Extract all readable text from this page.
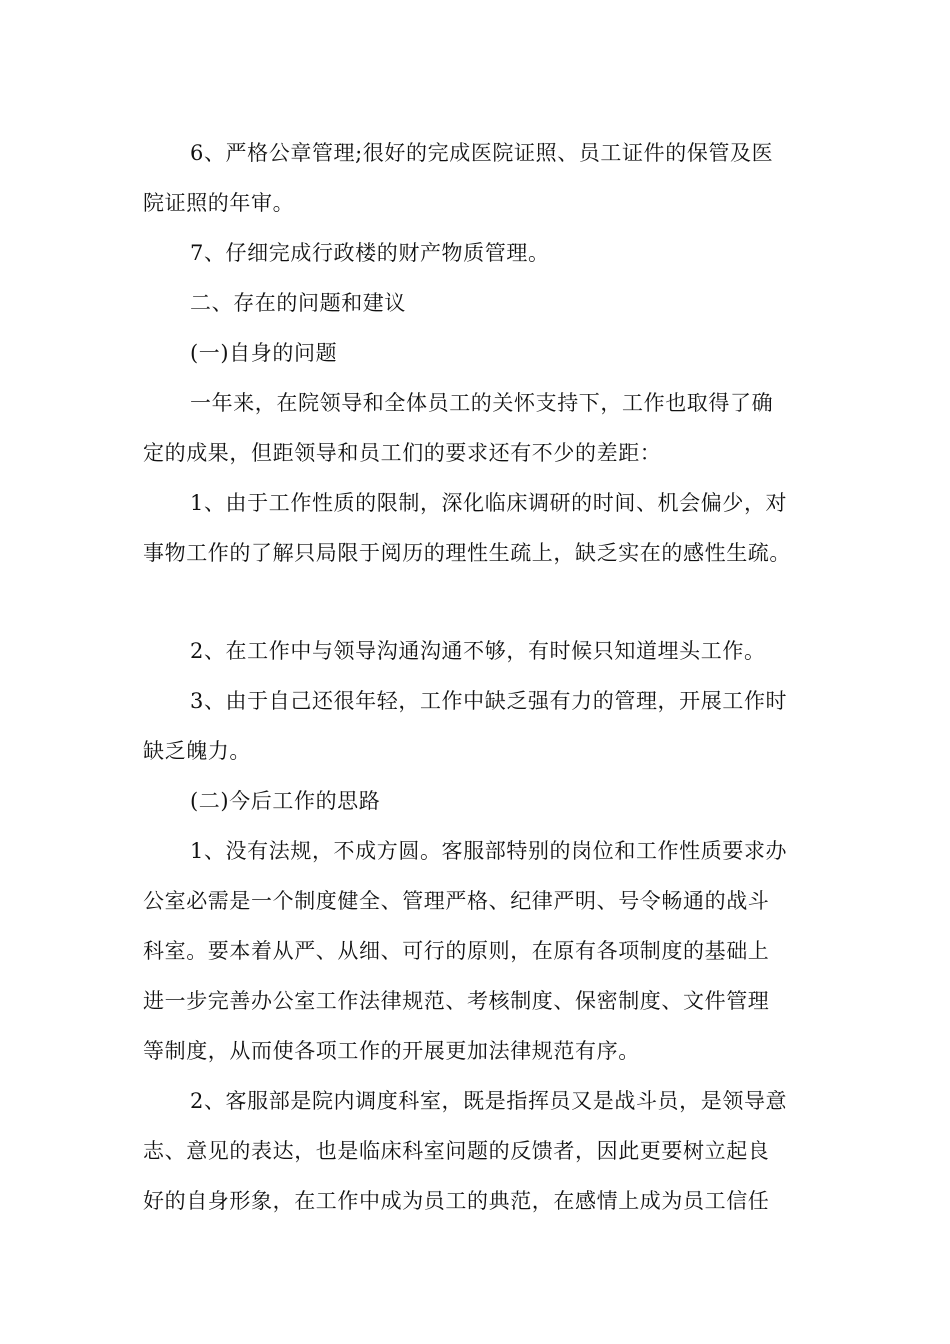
6、严格公章管理;很好的完成医院证照、员工证件的保管及医

院证照的年审。

7、仔细完成行政楼的财产物质管理。

二、存在的问题和建议

(一)自身的问题

一年来，在院领导和全体员工的关怀支持下，工作也取得了确

定的成果，但距领导和员工们的要求还有不少的差距：

1、由于工作性质的限制，深化临床调研的时间、机会偏少，对

事物工作的了解只局限于阅历的理性生疏上，缺乏实在的感性生疏。

2、在工作中与领导沟通沟通不够，有时候只知道埋头工作。

3、由于自己还很年轻，工作中缺乏强有力的管理，开展工作时

缺乏魄力。

(二)今后工作的思路

1、没有法规，不成方圆。客服部特别的岗位和工作性质要求办

公室必需是一个制度健全、管理严格、纪律严明、号令畅通的战斗

科室。要本着从严、从细、可行的原则，在原有各项制度的基础上

进一步完善办公室工作法律规范、考核制度、保密制度、文件管理

等制度，从而使各项工作的开展更加法律规范有序。

2、客服部是院内调度科室，既是指挥员又是战斗员，是领导意

志、意见的表达，也是临床科室问题的反馈者，因此更要树立起良

好的自身形象，在工作中成为员工的典范，在感情上成为员工信任
